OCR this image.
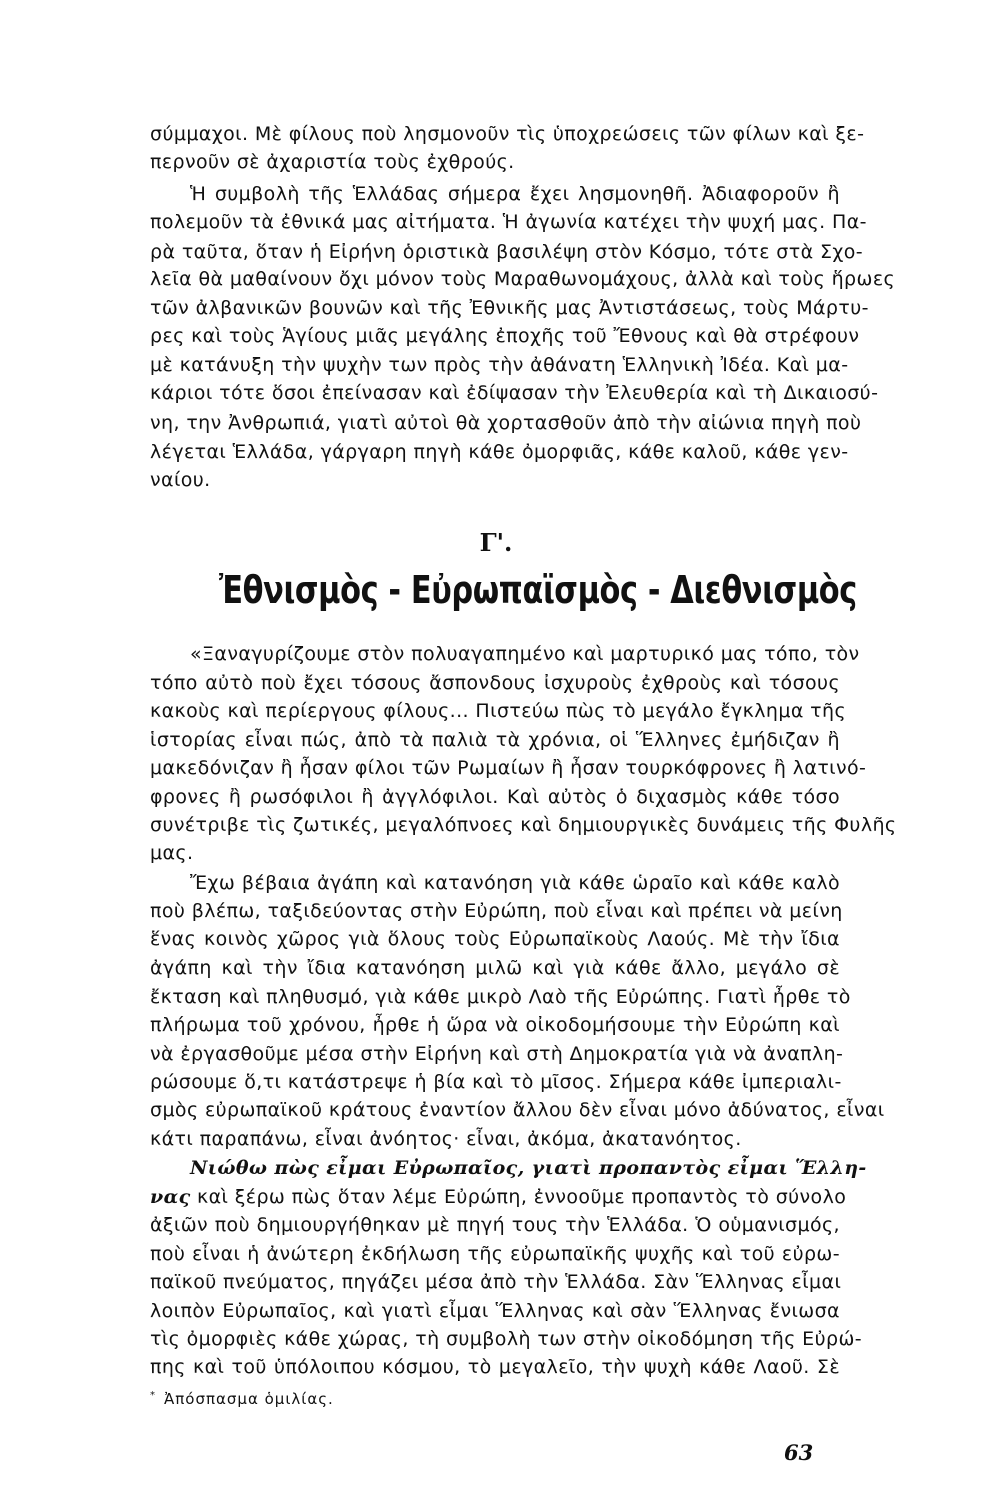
σύμμαχοι. Μὲ φίλους ποὺ λησμονοῦν τὶς ὑποχρεώσεις τῶν φίλων καὶ ξε-
περνοῦν σὲ ἀχαριστία τοὺς ἐχθρούς.
Ἡ συμβολὴ τῆς Ἑλλάδας σήμερα ἔχει λησμονηθῆ. Ἀδιαφοροῦν ἢ
πολεμοῦν τὰ ἐθνικά μας αἰτήματα. Ἡ ἀγωνία κατέχει τὴν ψυχή μας. Πα-
ρὰ ταῦτα, ὅταν ἡ Εἰρήνη ὁριστικὰ βασιλέψη στὸν Κόσμο, τότε στὰ Σχο-
λεῖα θὰ μαθαίνουν ὄχι μόνον τοὺς Μαραθωνομάχους, ἀλλὰ καὶ τοὺς ἥρωες
τῶν ἀλβανικῶν βουνῶν καὶ τῆς Ἐθνικῆς μας Ἀντιστάσεως, τοὺς Μάρτυ-
ρες καὶ τοὺς Ἁγίους μιᾶς μεγάλης ἐποχῆς τοῦ Ἔθνους καὶ θὰ στρέφουν
μὲ κατάνυξη τὴν ψυχὴν των πρὸς τὴν ἀθάνατη Ἑλληνικὴ Ἰδέα. Καὶ μα-
κάριοι τότε ὅσοι ἐπείνασαν καὶ ἐδίψασαν τὴν Ἐλευθερία καὶ τὴ Δικαιοσύ-
νη, την Ἀνθρωπιά, γιατὶ αὐτοὶ θὰ χορτασθοῦν ἀπὸ τὴν αἰώνια πηγὴ ποὺ
λέγεται Ἑλλάδα, γάργαρη πηγὴ κάθε ὀμορφιᾶς, κάθε καλοῦ, κάθε γεν-
ναίου.
Γ'.
Ἐθνισμὸς - Εὐρωπαϊσμὸς - Διεθνισμὸς
«Ξαναγυρίζουμε στὸν πολυαγαπημένο καὶ μαρτυρικό μας τόπο, τὸν
τόπο αὐτὸ ποὺ ἔχει τόσους ἄσπονδους ἰσχυροὺς ἐχθροὺς καὶ τόσους
κακοὺς καὶ περίεργους φίλους... Πιστεύω πὼς τὸ μεγάλο ἔγκλημα τῆς
ἱστορίας εἶναι πώς, ἀπὸ τὰ παλιὰ τὰ χρόνια, οἱ Ἕλληνες ἐμήδιζαν ἢ
μακεδόνιζαν ἢ ἦσαν φίλοι τῶν Ρωμαίων ἢ ἦσαν τουρκόφρονες ἢ λατινό-
φρονες ἢ ρωσόφιλοι ἢ ἀγγλόφιλοι. Καὶ αὐτὸς ὁ διχασμὸς κάθε τόσο
συνέτριβε τὶς ζωτικές, μεγαλόπνοες καὶ δημιουργικὲς δυνάμεις τῆς Φυλῆς
μας.
Ἔχω βέβαια ἀγάπη καὶ κατανόηση γιὰ κάθε ὡραῖο καὶ κάθε καλὸ
ποὺ βλέπω, ταξιδεύοντας στὴν Εὐρώπη, ποὺ εἶναι καὶ πρέπει νὰ μείνη
ἕνας κοινὸς χῶρος γιὰ ὅλους τοὺς Εὐρωπαϊκοὺς Λαούς. Μὲ τὴν ἴδια
ἀγάπη καὶ τὴν ἴδια κατανόηση μιλῶ καὶ γιὰ κάθε ἄλλο, μεγάλο σὲ
ἔκταση καὶ πληθυσμό, γιὰ κάθε μικρὸ Λαὸ τῆς Εὐρώπης. Γιατὶ ἦρθε τὸ
πλήρωμα τοῦ χρόνου, ἦρθε ἡ ὥρα νὰ οἰκοδομήσουμε τὴν Εὐρώπη καὶ
νὰ ἐργασθοῦμε μέσα στὴν Εἰρήνη καὶ στὴ Δημοκρατία γιὰ νὰ ἀναπλη-
ρώσουμε ὅ,τι κατάστρεψε ἡ βία καὶ τὸ μῖσος. Σήμερα κάθε ἰμπεριαλι-
σμὸς εὐρωπαϊκοῦ κράτους ἐναντίον ἄλλου δὲν εἶναι μόνο ἀδύνατος, εἶναι
κάτι παραπάνω, εἶναι ἀνόητος· εἶναι, ἀκόμα, ἀκατανόητος.
Νιώθω πὼς εἶμαι Εὐρωπαῖος, γιατὶ προπαντὸς εἶμαι Ἕλλη-
νας καὶ ξέρω πὼς ὅταν λέμε Εὐρώπη, ἐννοοῦμε προπαντὸς τὸ σύνολο
ἀξιῶν ποὺ δημιουργήθηκαν μὲ πηγή τους τὴν Ἑλλάδα. Ὁ οὑμανισμός,
ποὺ εἶναι ἡ ἀνώτερη ἐκδήλωση τῆς εὐρωπαϊκῆς ψυχῆς καὶ τοῦ εὐρω-
παϊκοῦ πνεύματος, πηγάζει μέσα ἀπὸ τὴν Ἑλλάδα. Σὰν Ἕλληνας εἶμαι
λοιπὸν Εὐρωπαῖος, καὶ γιατὶ εἶμαι Ἕλληνας καὶ σὰν Ἕλληνας ἔνιωσα
τὶς ὀμορφιὲς κάθε χώρας, τὴ συμβολὴ των στὴν οἰκοδόμηση τῆς Εὐρώ-
πης καὶ τοῦ ὑπόλοιπου κόσμου, τὸ μεγαλεῖο, τὴν ψυχὴ κάθε Λαοῦ. Σὲ
* Ἀπόσπασμα ὁμιλίας.
63
